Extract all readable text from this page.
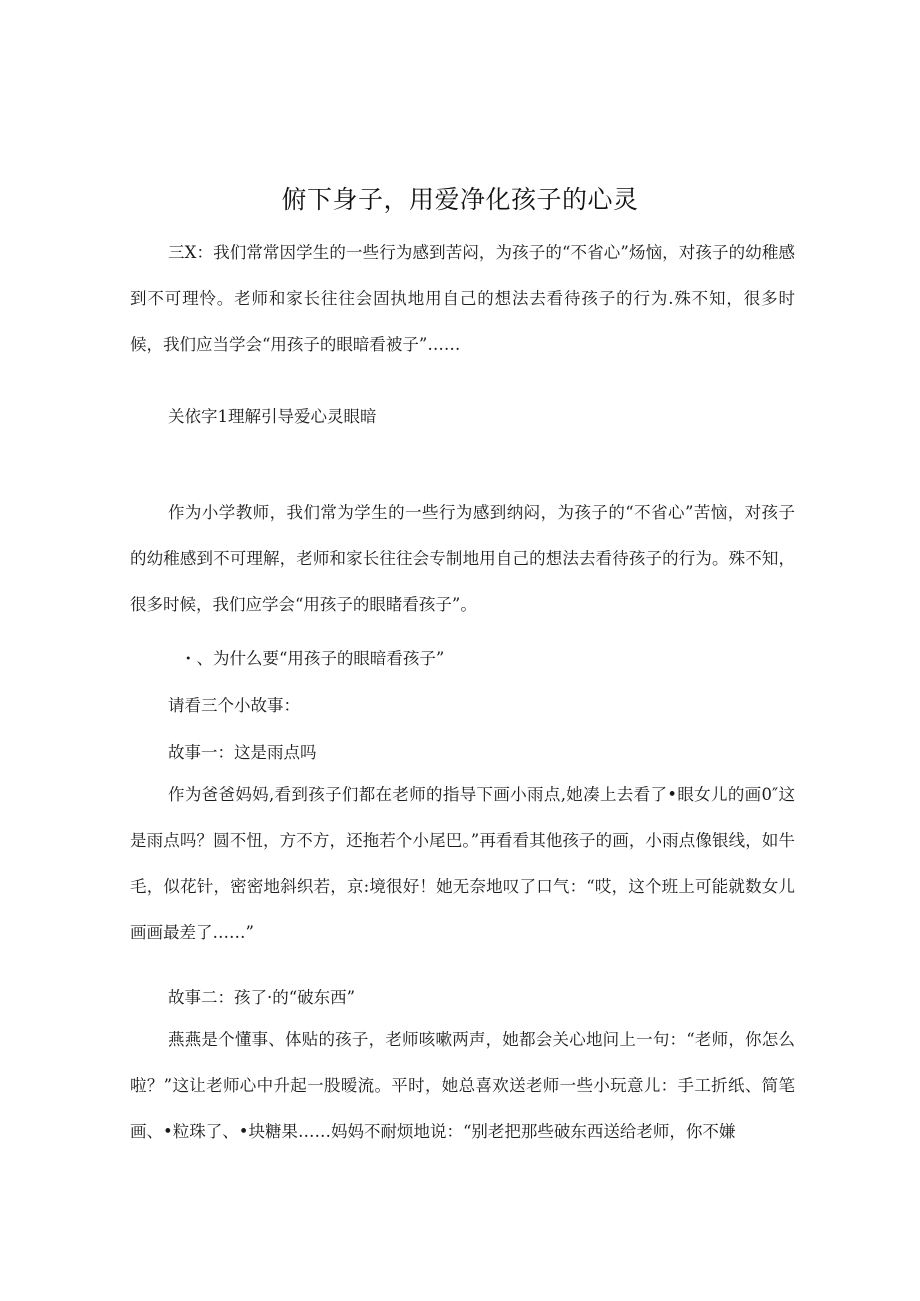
俯下身子，用爱净化孩子的心灵

三X：我们常常因学生的一些行为感到苦闷，为孩子的“不省心”炀恼，对孩子的幼稚感到不可理怜。老师和家长往往会固执地用自己的想法去看待孩子的行为.殊不知，很多时候，我们应当学会“用孩子的眼暗看被子”……

关依字1理解引导爱心灵眼暗

作为小学教师，我们常为学生的一些行为感到纳闷，为孩子的“不省心”苦恼，对孩子的幼稚感到不可理解，老师和家长往往会专制地用自己的想法去看待孩子的行为。殊不知，很多时候，我们应学会“用孩子的眼睹看孩子”。

・、为什么要“用孩子的眼暗看孩子”

请看三个小故事：

故事一：这是雨点吗

作为爸爸妈妈,看到孩子们都在老师的指导下画小雨点,她凑上去看了•眼女儿的画0″这是雨点吗？圆不忸，方不方，还拖若个小尾巴。”再看看其他孩子的画，小雨点像银线，如牛毛，似花针，密密地斜织若，京:境很好！她无奈地叹了口气：“哎，这个班上可能就数女儿画画最差了……”

故事二：孩了·的“破东西”

燕燕是个懂事、体贴的孩子，老师咳嗽两声，她都会关心地问上一句：“老师，你怎么啦？”这让老师心中升起一股暧流。平时，她总喜欢送老师一些小玩意儿：手工折纸、简笔画、•粒珠了、•块糖果……妈妈不耐烦地说：“别老把那些破东西送给老师，你不嫌
